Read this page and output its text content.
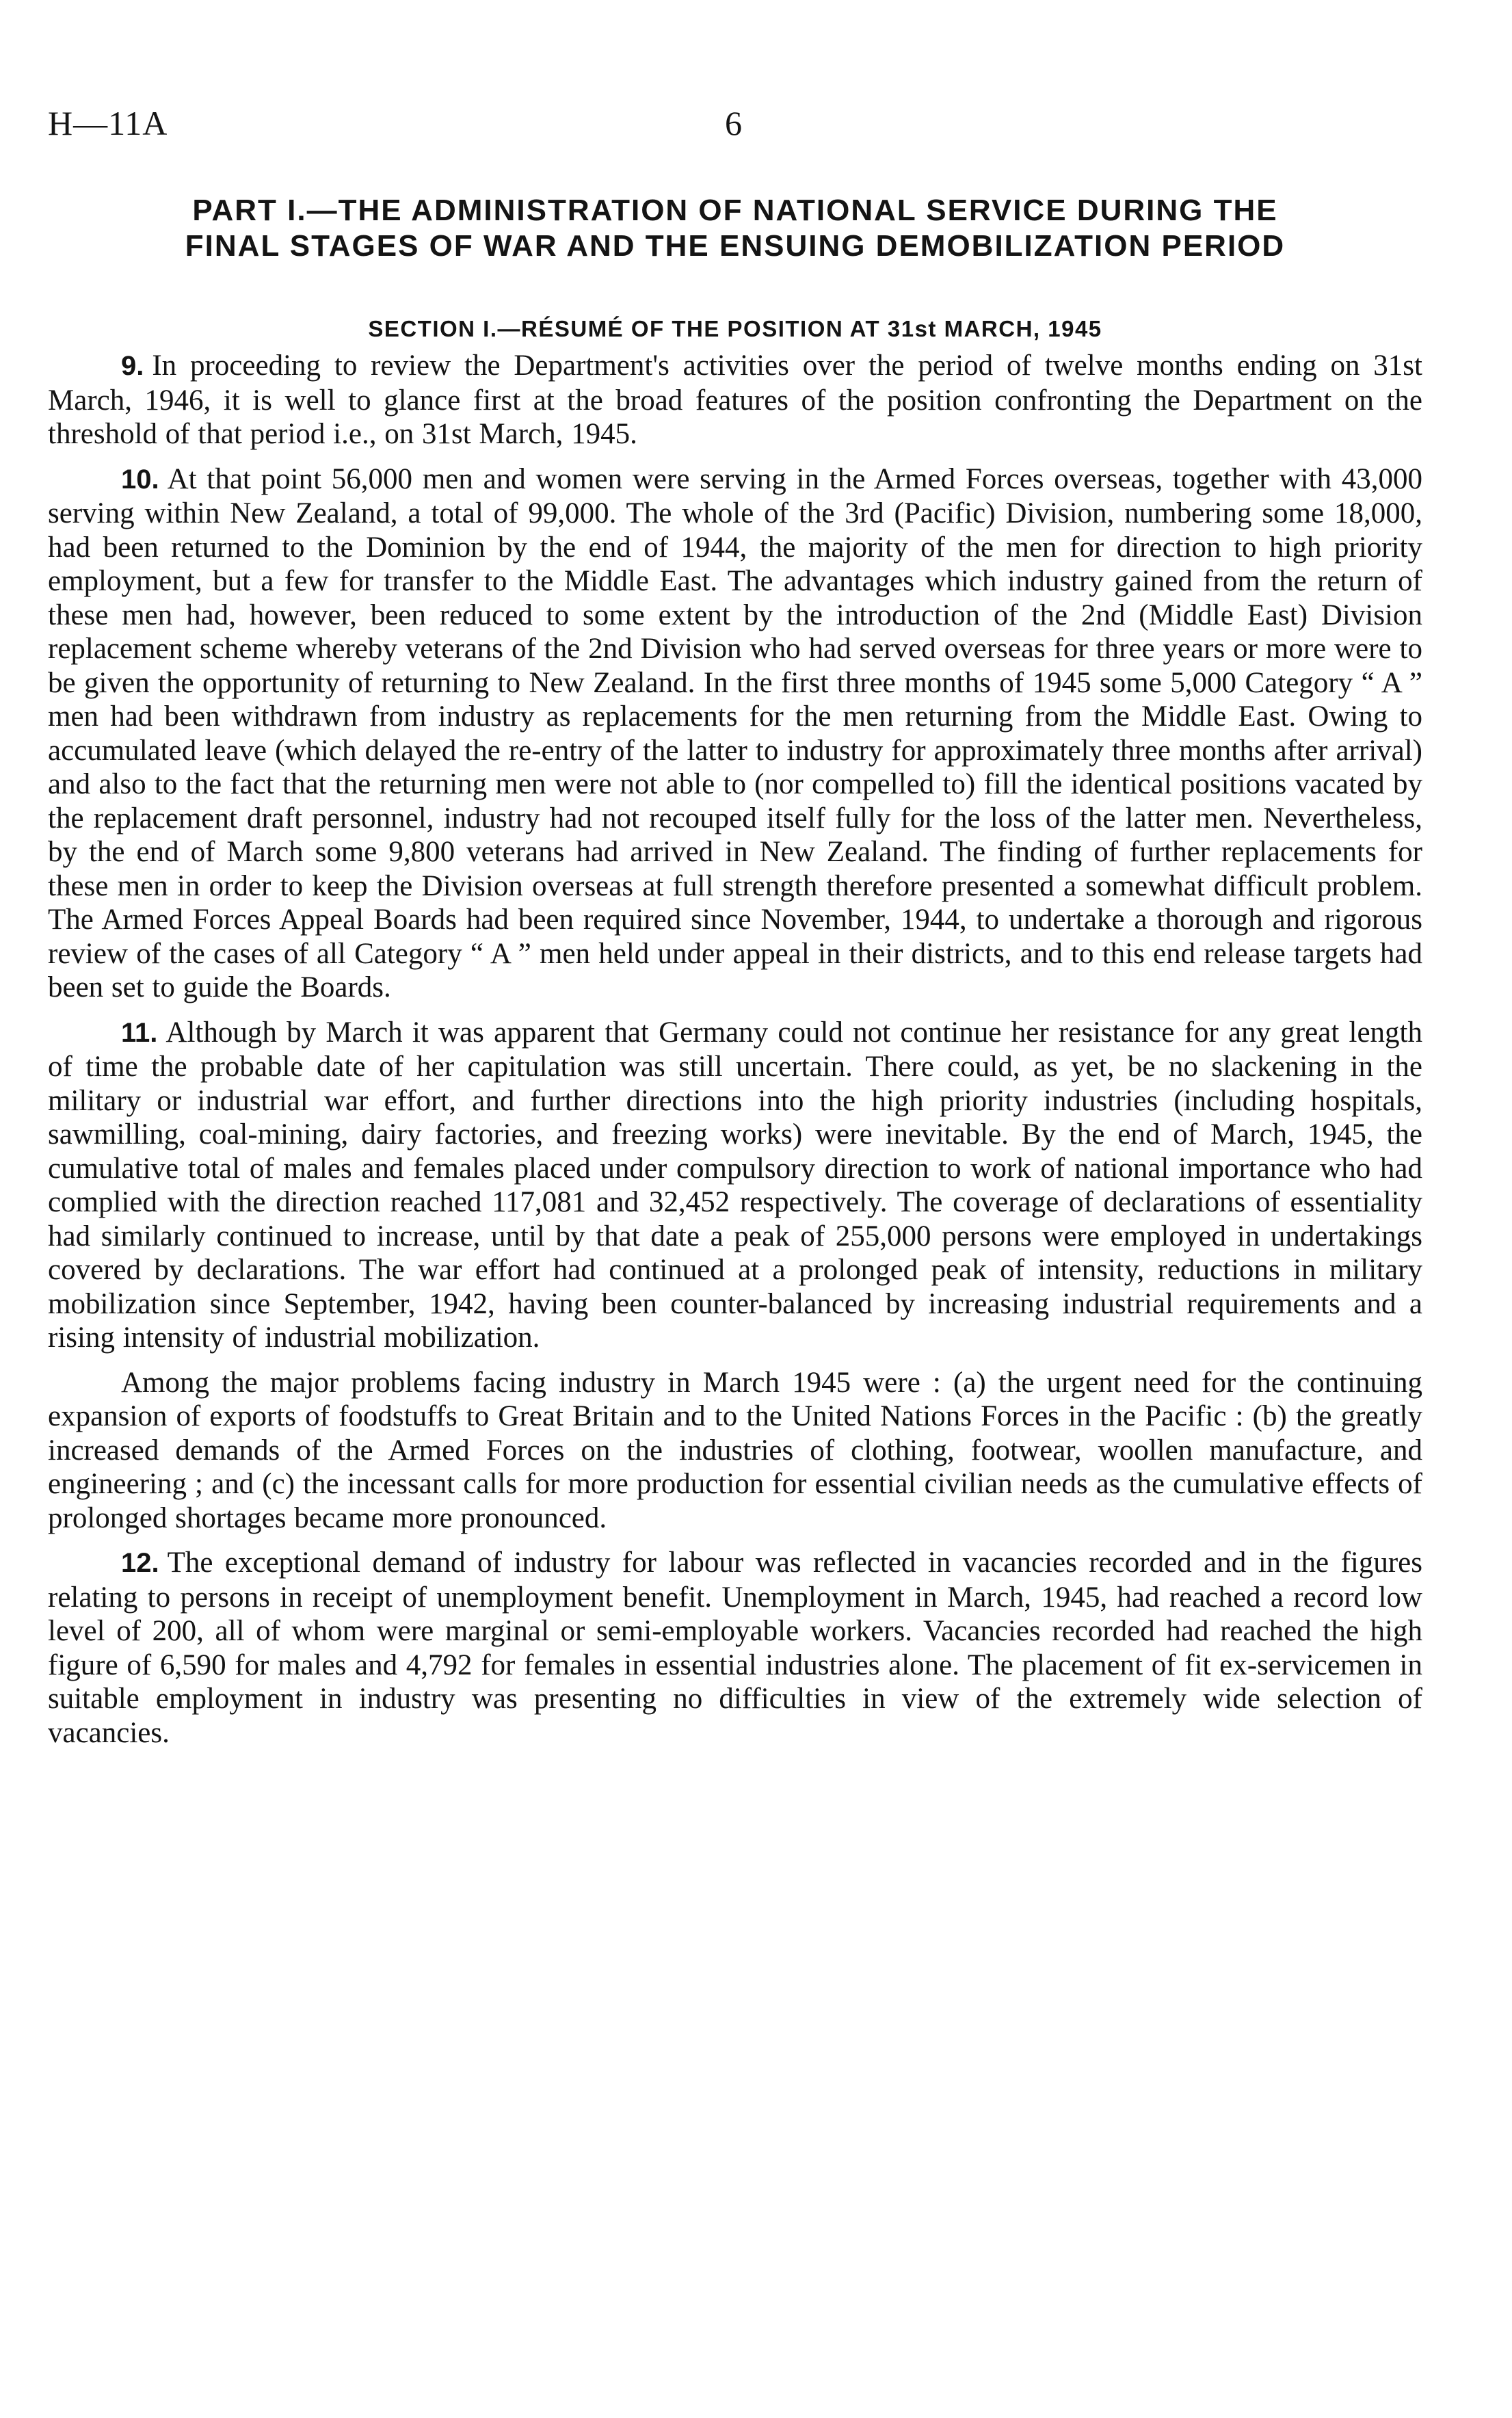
H—11A	6
PART I.—THE ADMINISTRATION OF NATIONAL SERVICE DURING THE
FINAL STAGES OF WAR AND THE ENSUING DEMOBILIZATION PERIOD
SECTION I.—RÉSUMÉ OF THE POSITION AT 31st MARCH, 1945

9. In proceeding to review the Department's activities over the period of twelve months ending on 31st March, 1946, it is well to glance first at the broad features of the position confronting the Department on the threshold of that period i.e., on 31st March, 1945.

10. At that point 56,000 men and women were serving in the Armed Forces overseas, together with 43,000 serving within New Zealand, a total of 99,000. The whole of the 3rd (Pacific) Division, numbering some 18,000, had been returned to the Dominion by the end of 1944, the majority of the men for direction to high priority employment, but a few for transfer to the Middle East. The advantages which industry gained from the return of these men had, however, been reduced to some extent by the introduction of the 2nd (Middle East) Division replacement scheme whereby veterans of the 2nd Division who had served overseas for three years or more were to be given the opportunity of returning to New Zealand. In the first three months of 1945 some 5,000 Category “ A ” men had been withdrawn from industry as replacements for the men returning from the Middle East. Owing to accumulated leave (which delayed the re-entry of the latter to industry for approximately three months after arrival) and also to the fact that the returning men were not able to (nor compelled to) fill the identical positions vacated by the replacement draft personnel, industry had not recouped itself fully for the loss of the latter men. Nevertheless, by the end of March some 9,800 veterans had arrived in New Zealand. The finding of further replacements for these men in order to keep the Division overseas at full strength therefore presented a somewhat difficult problem. The Armed Forces Appeal Boards had been required since November, 1944, to undertake a thorough and rigorous review of the cases of all Category “ A ” men held under appeal in their districts, and to this end release targets had been set to guide the Boards.

11. Although by March it was apparent that Germany could not continue her resistance for any great length of time the probable date of her capitulation was still uncertain. There could, as yet, be no slackening in the military or industrial war effort, and further directions into the high priority industries (including hospitals, sawmilling, coal-mining, dairy factories, and freezing works) were inevitable. By the end of March, 1945, the cumulative total of males and females placed under compulsory direction to work of national importance who had complied with the direction reached 117,081 and 32,452 respectively. The coverage of declarations of essentiality had similarly continued to increase, until by that date a peak of 255,000 persons were employed in undertakings covered by declarations. The war effort had continued at a prolonged peak of intensity, reductions in military mobilization since September, 1942, having been counter-balanced by increasing industrial requirements and a rising intensity of industrial mobilization.

Among the major problems facing industry in March 1945 were : (a) the urgent need for the continuing expansion of exports of foodstuffs to Great Britain and to the United Nations Forces in the Pacific : (b) the greatly increased demands of the Armed Forces on the industries of clothing, footwear, woollen manufacture, and engineering ; and (c) the incessant calls for more production for essential civilian needs as the cumulative effects of prolonged shortages became more pronounced.

12. The exceptional demand of industry for labour was reflected in vacancies recorded and in the figures relating to persons in receipt of unemployment benefit. Unemployment in March, 1945, had reached a record low level of 200, all of whom were marginal or semi-employable workers. Vacancies recorded had reached the high figure of 6,590 for males and 4,792 for females in essential industries alone. The placement of fit ex-servicemen in suitable employment in industry was presenting no difficulties in view of the extremely wide selection of vacancies.
